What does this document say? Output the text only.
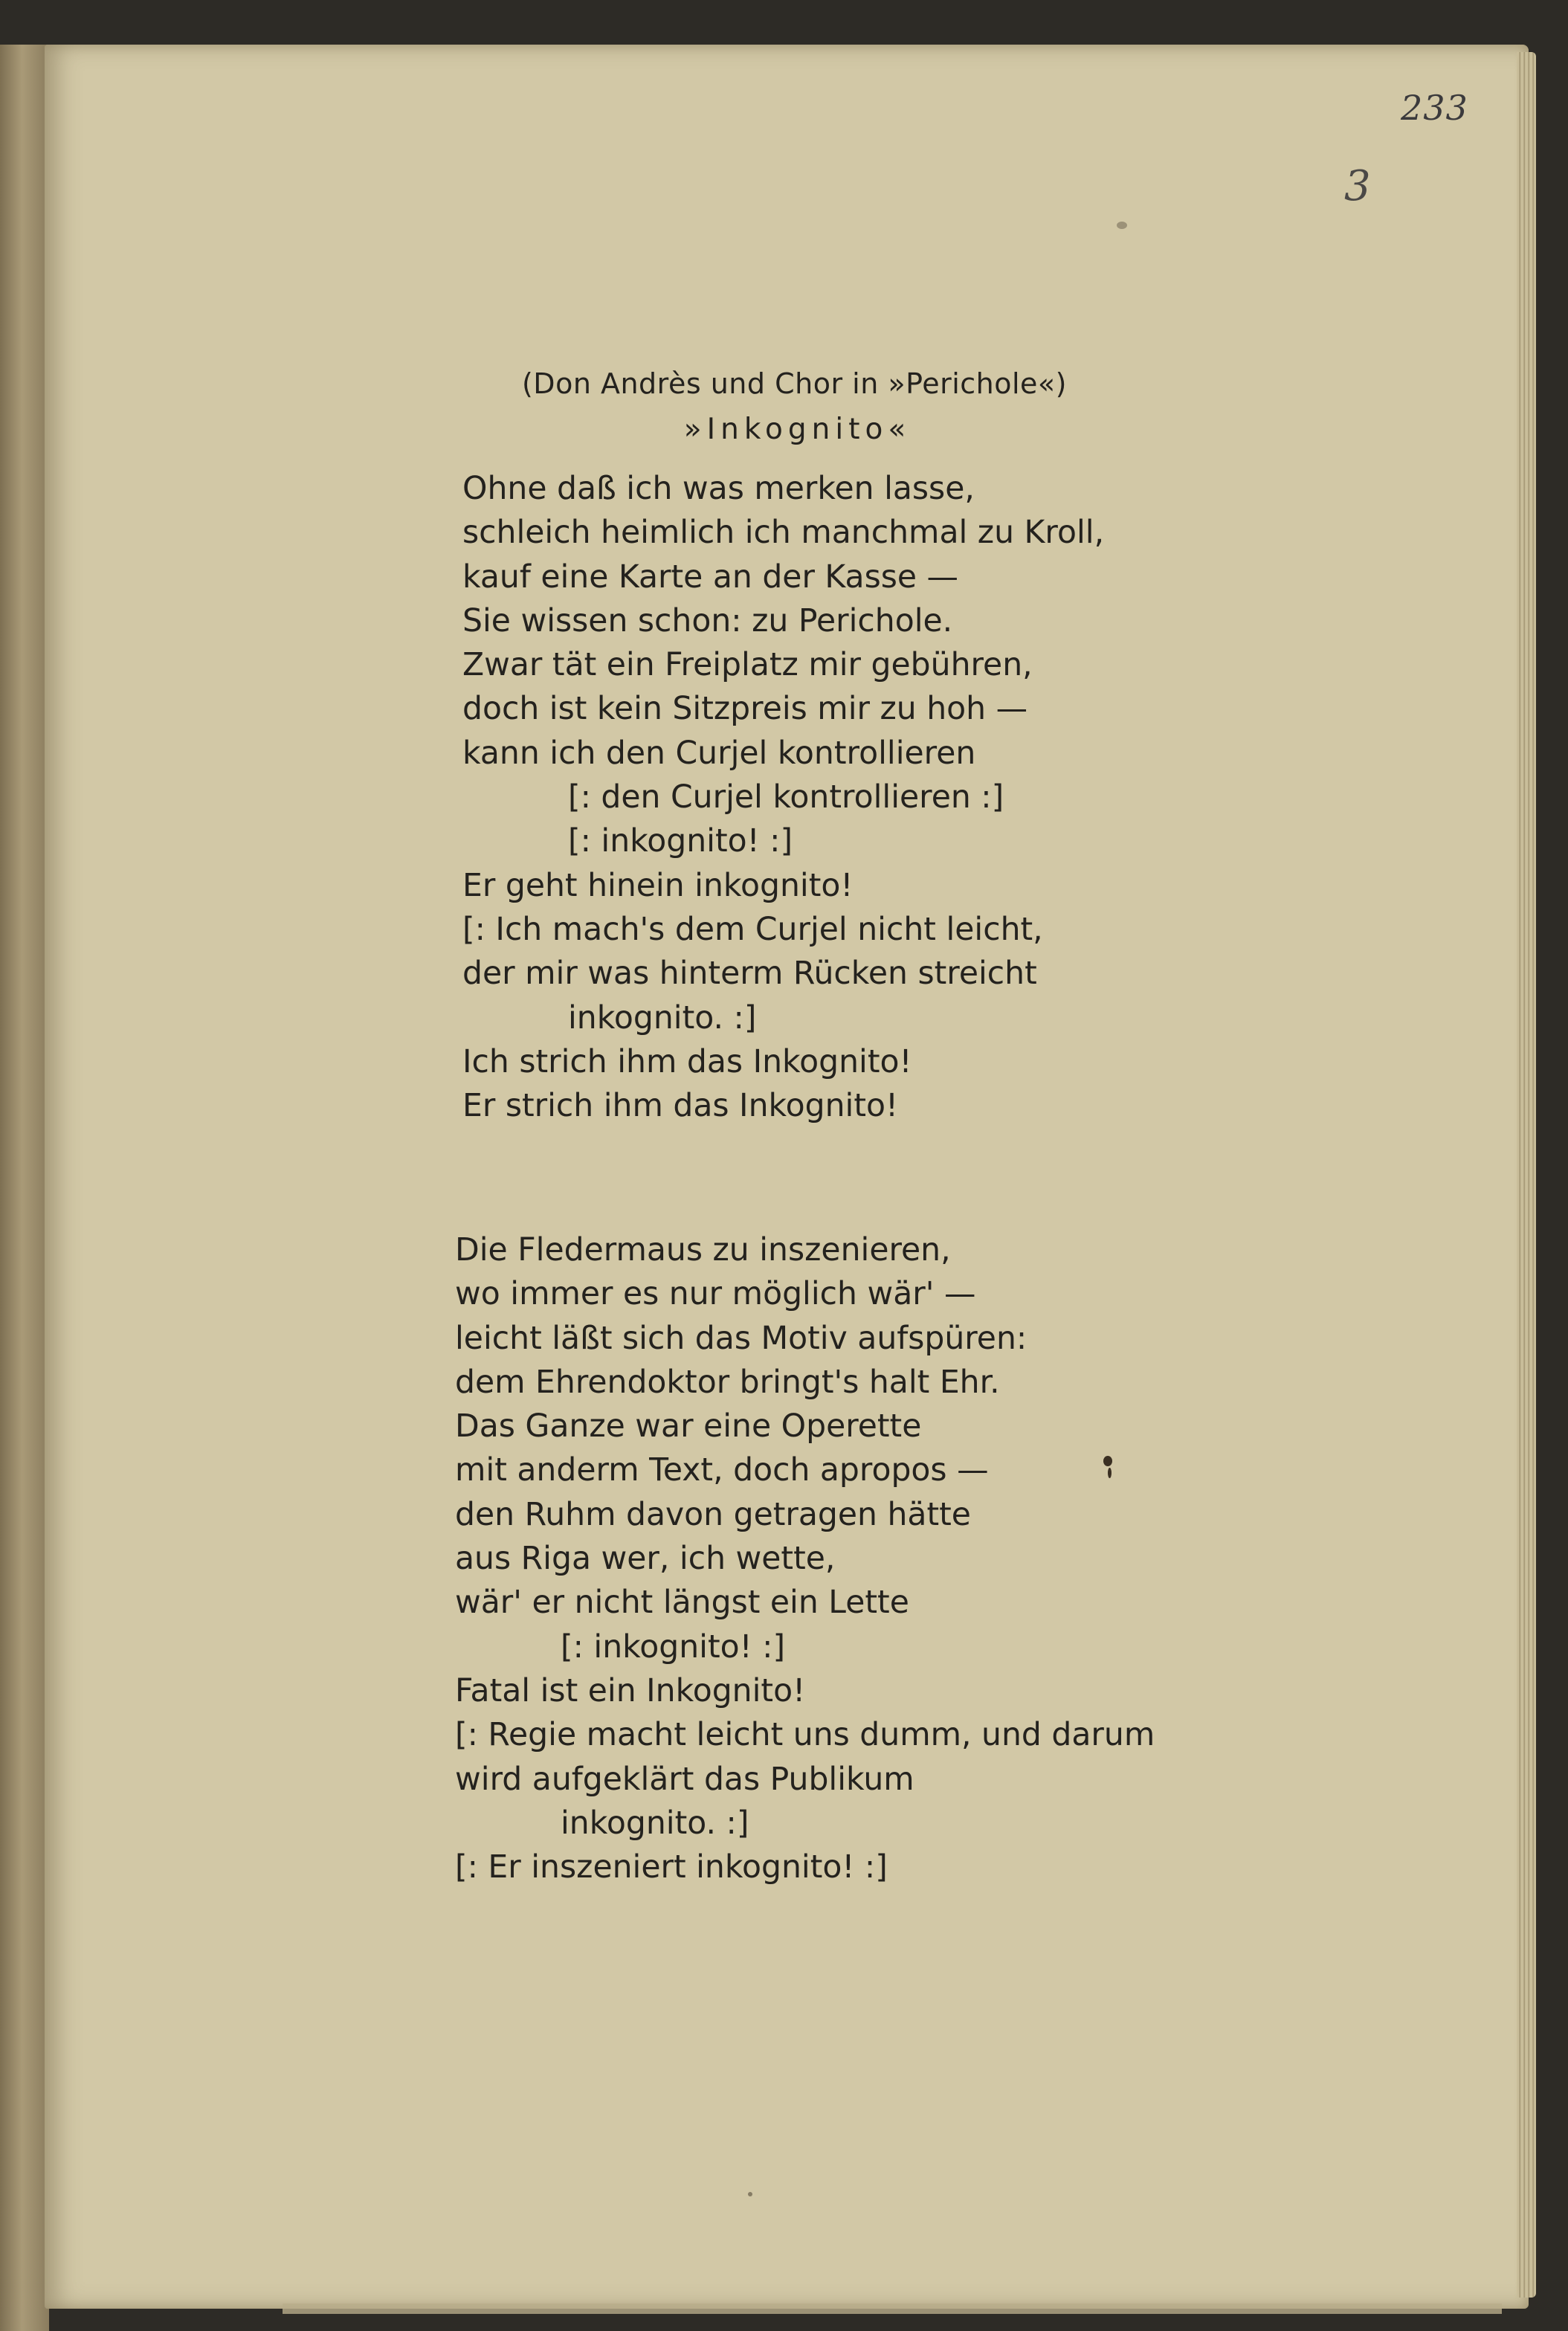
233
3
(Don Andrès und Chor in »Perichole«)
»Inkognito«
Ohne daß ich was merken lasse,
schleich heimlich ich manchmal zu Kroll,
kauf eine Karte an der Kasse —
Sie wissen schon: zu Perichole.
Zwar tät ein Freiplatz mir gebühren,
doch ist kein Sitzpreis mir zu hoh —
kann ich den Curjel kontrollieren
[: den Curjel kontrollieren :]
[: inkognito! :]
Er geht hinein inkognito!
[: Ich mach's dem Curjel nicht leicht,
der mir was hinterm Rücken streicht
inkognito. :]
Ich strich ihm das Inkognito!
Er strich ihm das Inkognito!
Die Fledermaus zu inszenieren,
wo immer es nur möglich wär' —
leicht läßt sich das Motiv aufspüren:
dem Ehrendoktor bringt's halt Ehr.
Das Ganze war eine Operette
mit anderm Text, doch apropos —
den Ruhm davon getragen hätte
aus Riga wer, ich wette,
wär' er nicht längst ein Lette
[: inkognito! :]
Fatal ist ein Inkognito!
[: Regie macht leicht uns dumm, und darum
wird aufgeklärt das Publikum
inkognito. :]
[: Er inszeniert inkognito! :]
